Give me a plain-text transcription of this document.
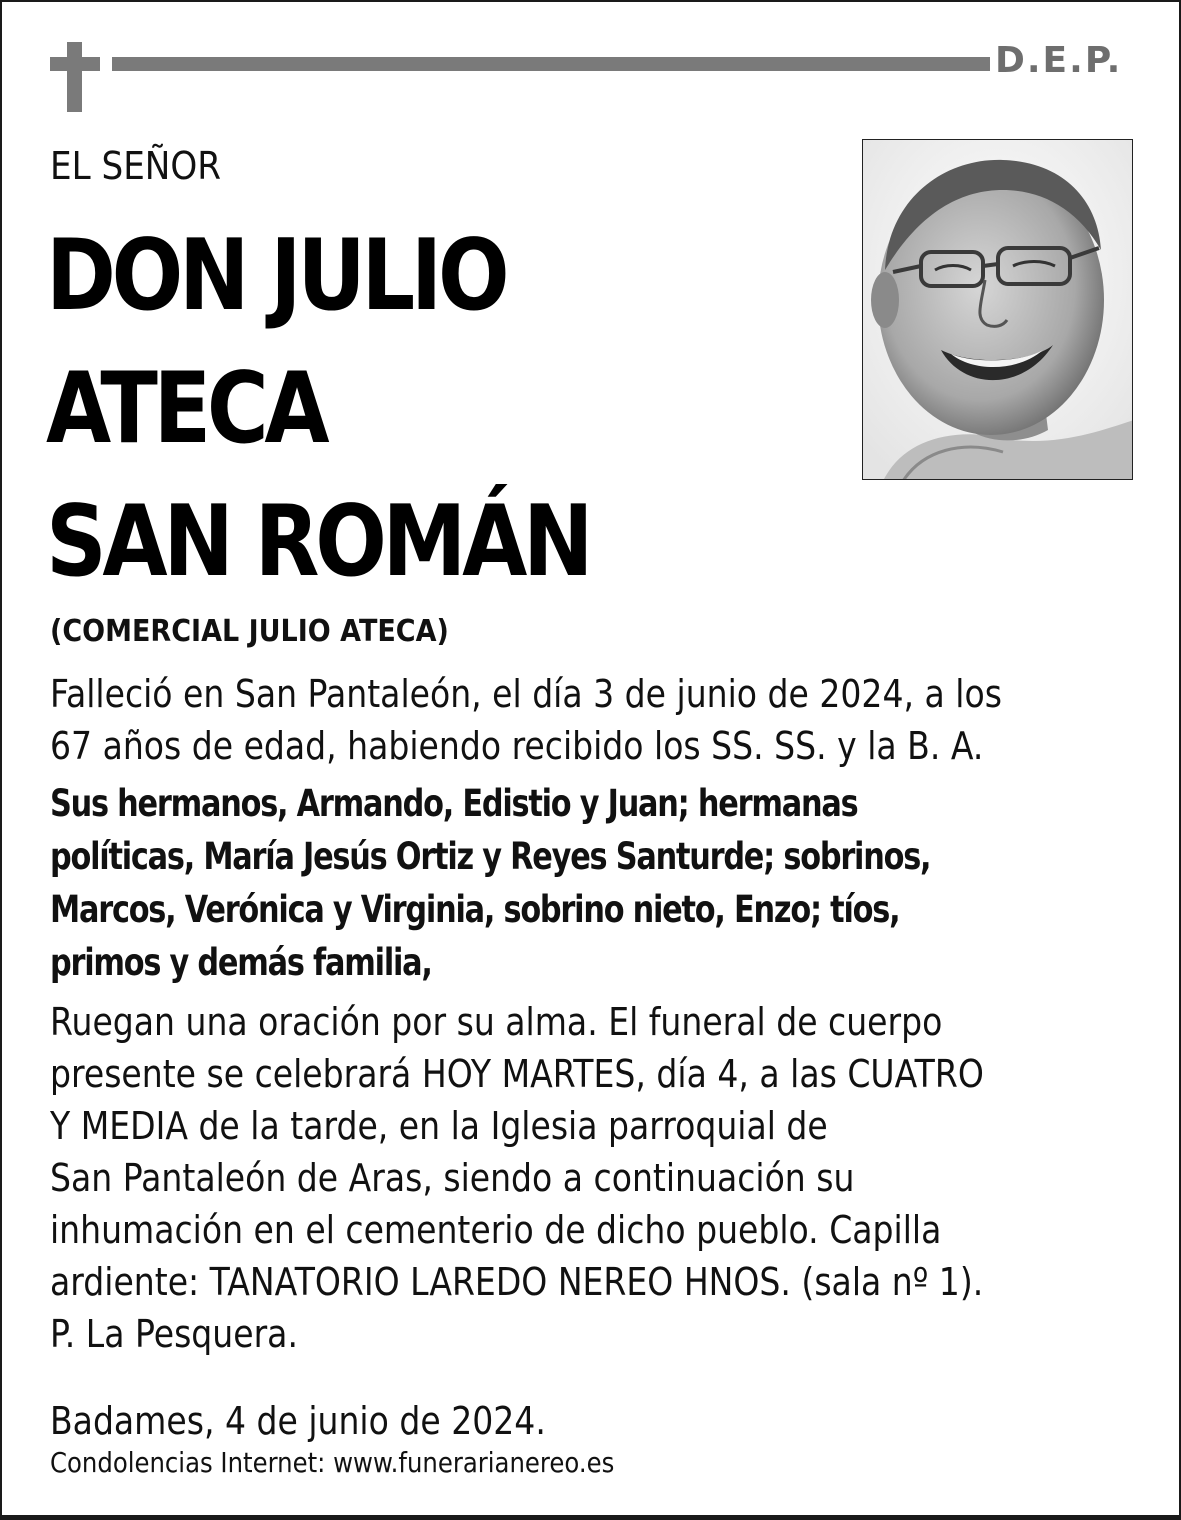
D.E.P.
EL SEÑOR
DON JULIO
ATECA
SAN ROMÁN
(COMERCIAL JULIO ATECA)
Falleció en San Pantaleón, el día 3 de junio de 2024, a los
67 años de edad, habiendo recibido los SS. SS. y la B. A.
Sus hermanos, Armando, Edistio y Juan; hermanas
políticas, María Jesús Ortiz y Reyes Santurde; sobrinos,
Marcos, Verónica y Virginia, sobrino nieto, Enzo; tíos,
primos y demás familia,
Ruegan una oración por su alma. El funeral de cuerpo
presente se celebrará HOY MARTES, día 4, a las CUATRO
Y MEDIA de la tarde, en la Iglesia parroquial de
San Pantaleón de Aras, siendo a continuación su
inhumación en el cementerio de dicho pueblo. Capilla
ardiente: TANATORIO LAREDO NEREO HNOS. (sala nº 1).
P. La Pesquera.
Badames, 4 de junio de 2024.
Condolencias Internet: www.funerarianereo.es
